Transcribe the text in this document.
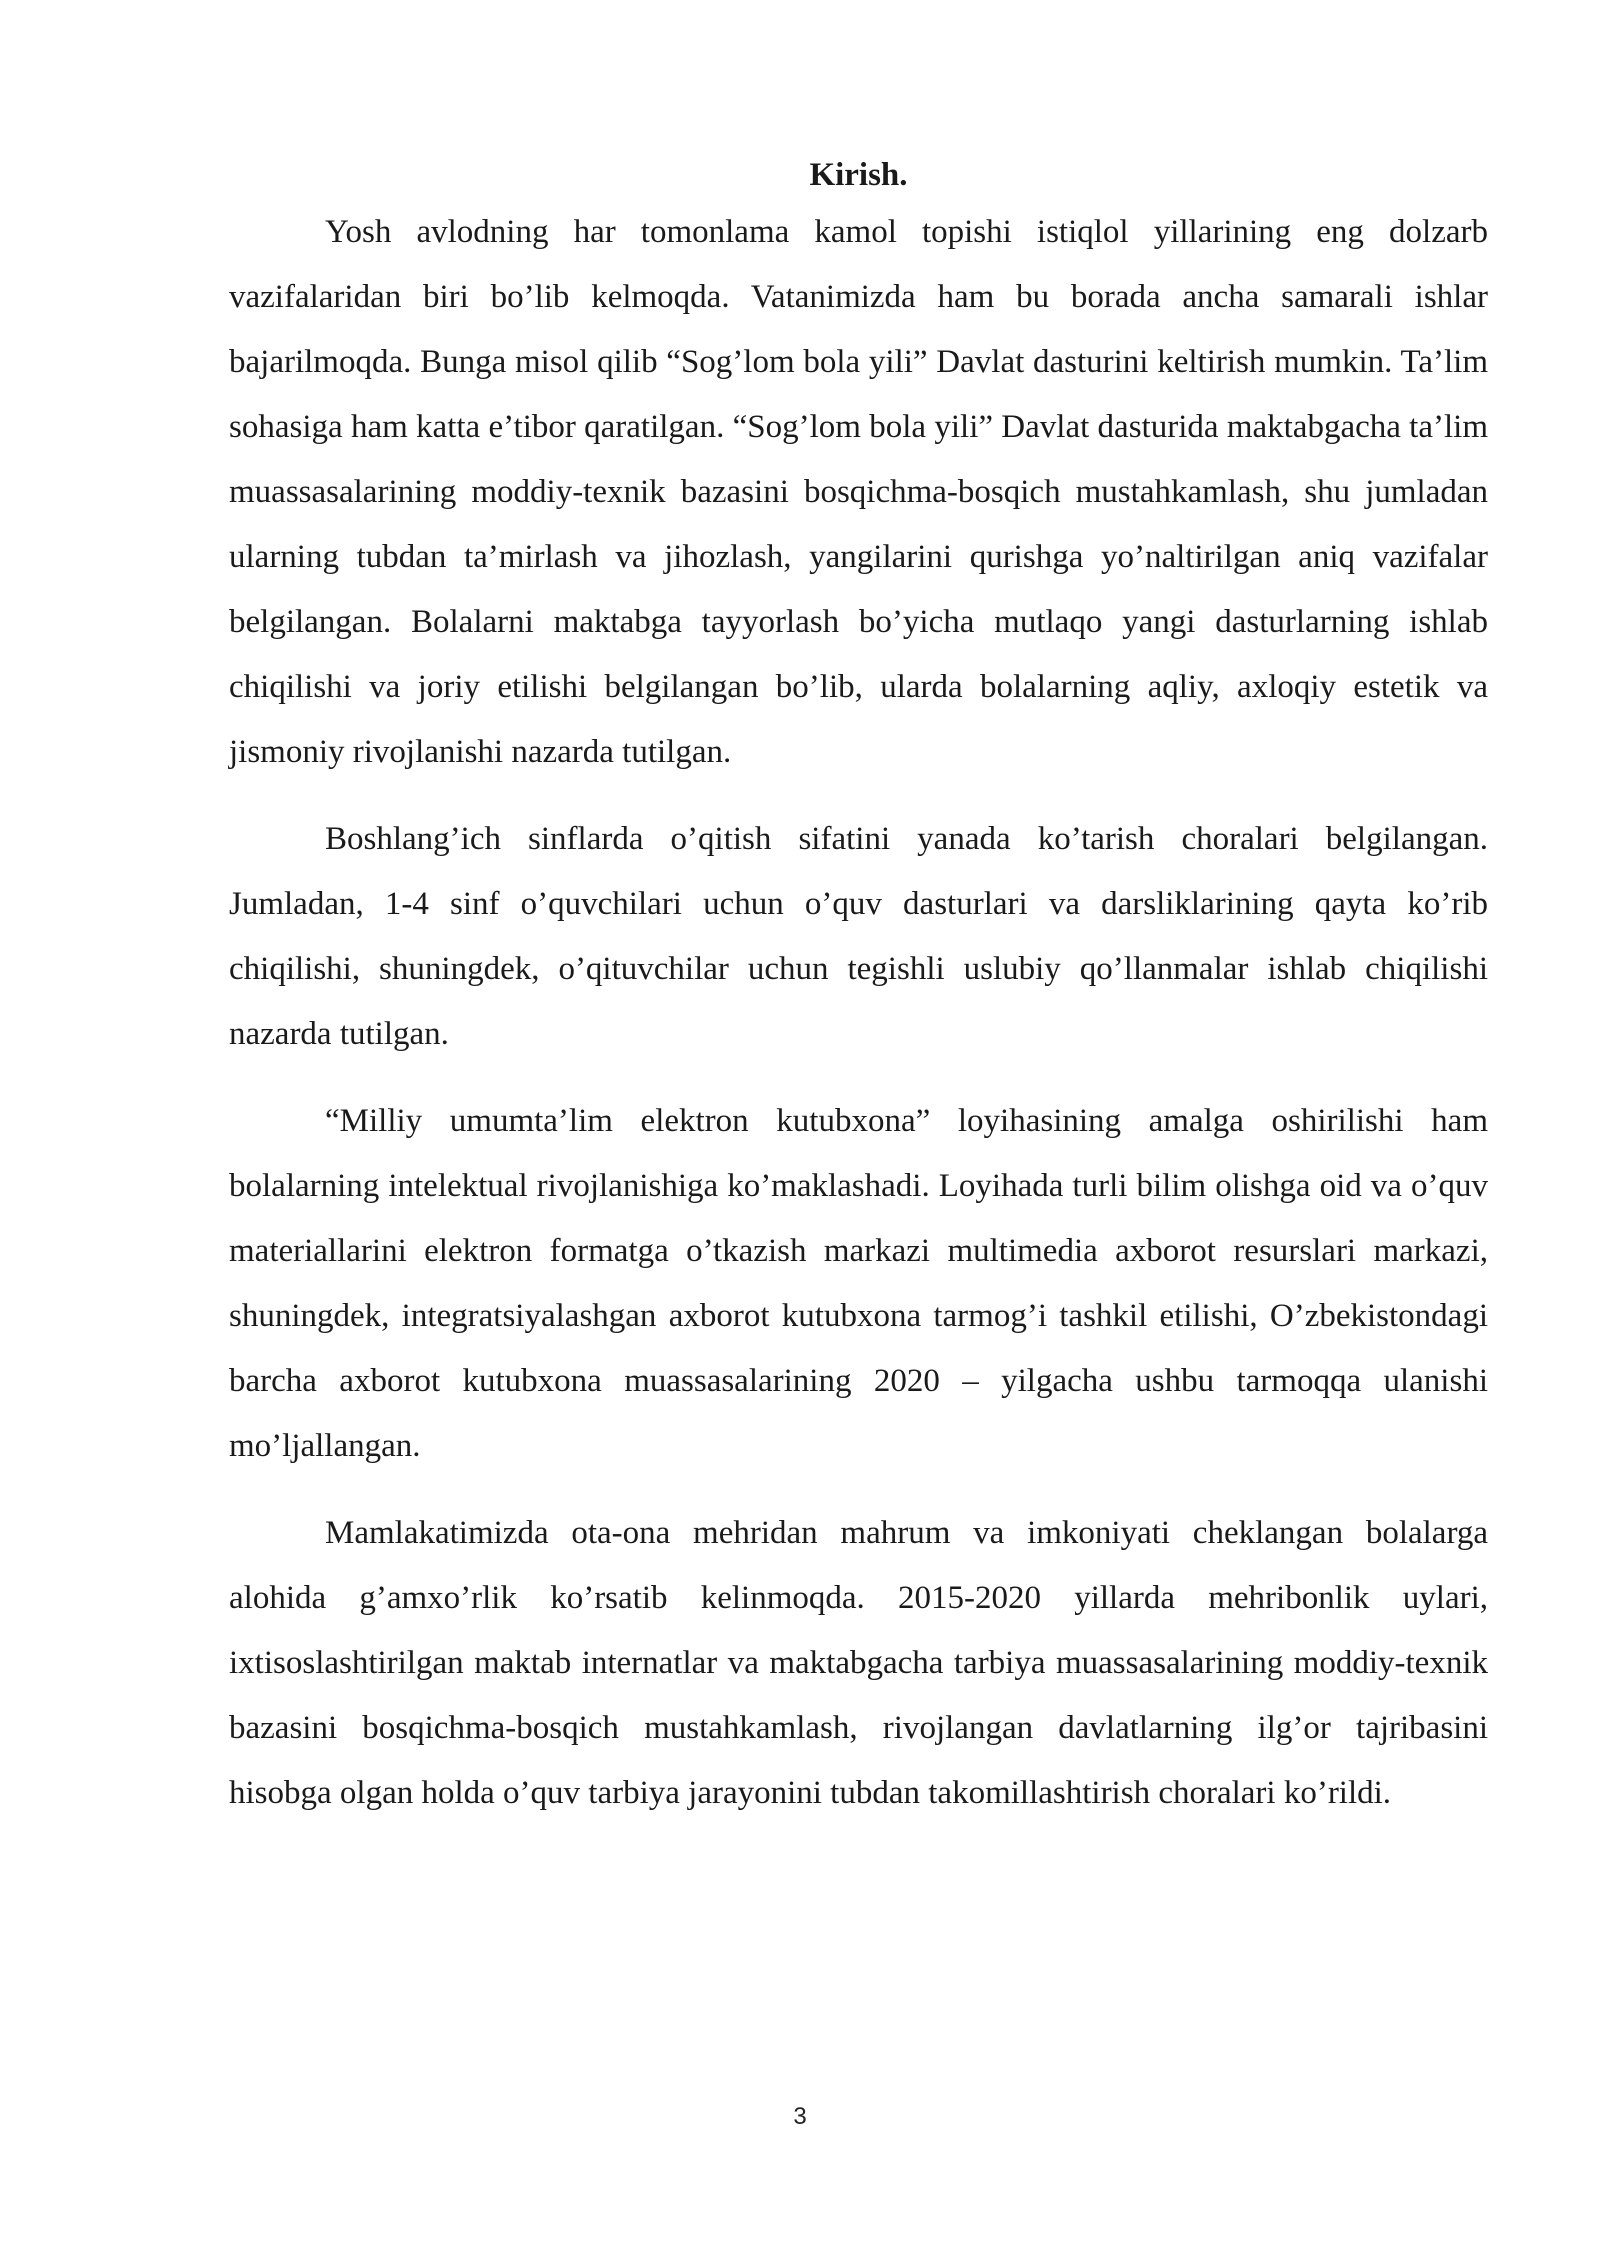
Kirish.

Yosh avlodning har tomonlama kamol topishi istiqlol yillarining eng dolzarb vazifalaridan biri bo’lib kelmoqda. Vatanimizda ham bu borada ancha samarali ishlar bajarilmoqda. Bunga misol qilib “Sog’lom bola yili” Davlat dasturini keltirish mumkin. Ta’lim sohasiga ham katta e’tibor qaratilgan. “Sog’lom bola yili” Davlat dasturida maktabgacha ta’lim muassasalarining moddiy-texnik bazasini bosqichma-bosqich mustahkamlash, shu jumladan ularning tubdan ta’mirlash va jihozlash, yangilarini qurishga yo’naltirilgan aniq vazifalar belgilangan. Bolalarni maktabga tayyorlash bo’yicha mutlaqo yangi dasturlarning ishlab chiqilishi va joriy etilishi belgilangan bo’lib, ularda bolalarning aqliy, axloqiy estetik va jismoniy rivojlanishi nazarda tutilgan.

Boshlang’ich sinflarda o’qitish sifatini yanada ko’tarish choralari belgilangan. Jumladan, 1-4 sinf o’quvchilari uchun o’quv dasturlari va darsliklarining qayta ko’rib chiqilishi, shuningdek, o’qituvchilar uchun tegishli uslubiy qo’llanmalar ishlab chiqilishi nazarda tutilgan.

“Milliy umumta’lim elektron kutubxona” loyihasining amalga oshirilishi ham bolalarning intelektual rivojlanishiga ko’maklashadi. Loyihada turli bilim olishga oid va o’quv materiallarini elektron formatga o’tkazish markazi multimedia axborot resurslari markazi, shuningdek, integratsiyalashgan axborot kutubxona tarmog’i tashkil etilishi, O’zbekistondagi barcha axborot kutubxona muassasalarining 2020 – yilgacha ushbu tarmoqqa ulanishi mo’ljallangan.

Mamlakatimizda ota-ona mehridan mahrum va imkoniyati cheklangan bolalarga alohida g’amxo’rlik ko’rsatib kelinmoqda. 2015-2020 yillarda mehribonlik uylari, ixtisoslashtirilgan maktab internatlar va maktabgacha tarbiya muassasalarining moddiy-texnik bazasini bosqichma-bosqich mustahkamlash, rivojlangan davlatlarning ilg’or tajribasini hisobga olgan holda o’quv tarbiya jarayonini tubdan takomillashtirish choralari ko’rildi.

3
